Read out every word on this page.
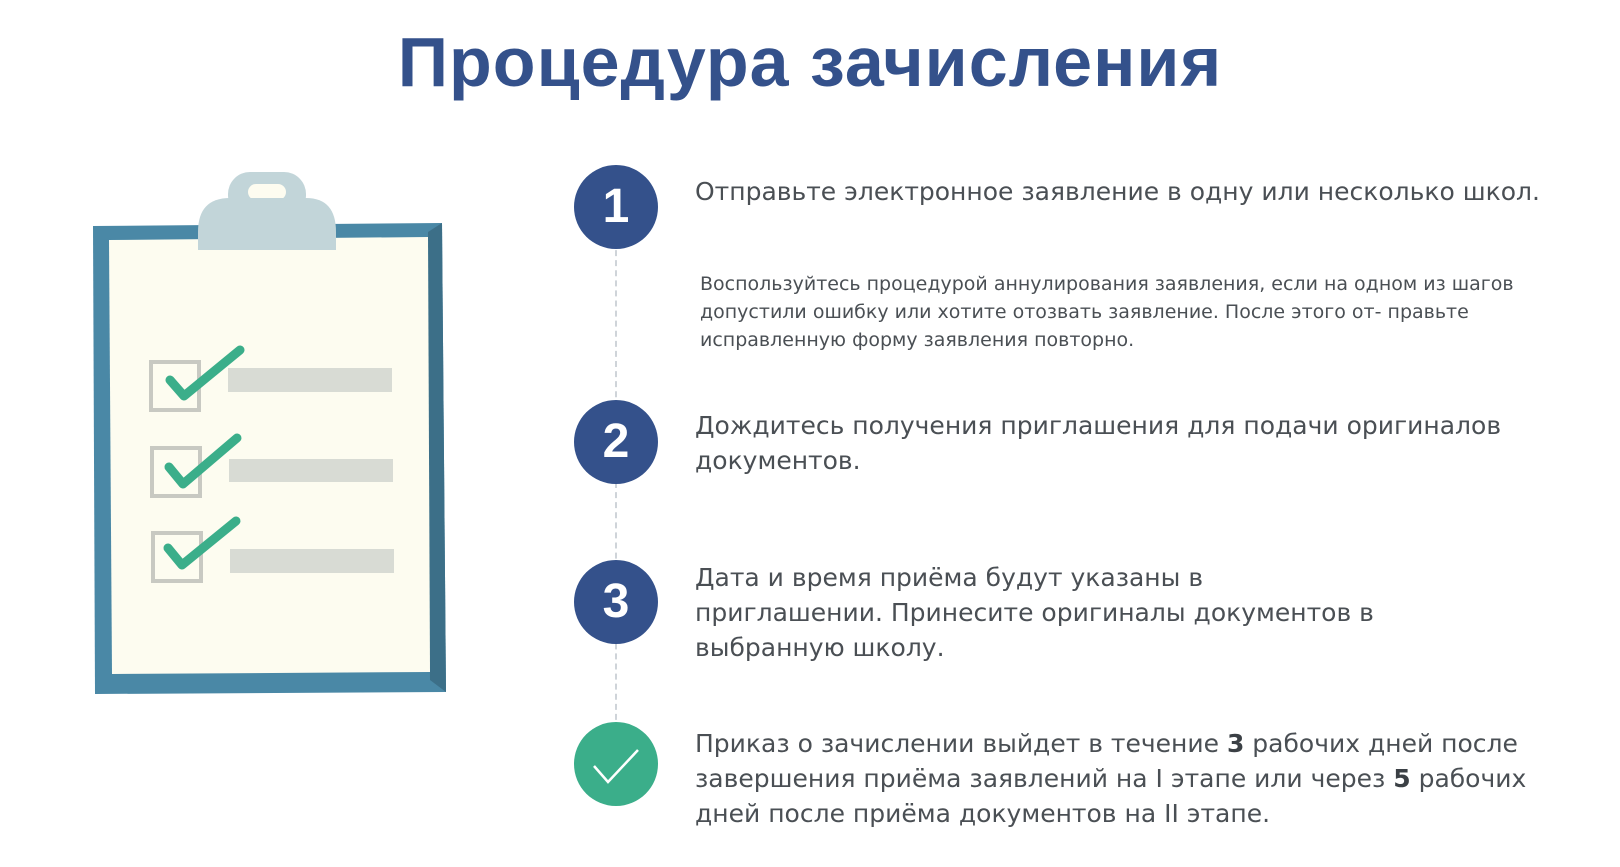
Процедура зачисления
1	Отправьте электронное заявление в одну или несколько школ.

Воспользуйтесь процедурой аннулирования заявления, если на одном из шагов допустили ошибку или хотите отозвать заявление. После этого от- правьте исправленную форму заявления повторно.

2	Дождитесь получения приглашения для подачи оригиналов документов.

3	Дата и время приёма будут указаны в приглашении. Принесите оригиналы документов в выбранную школу.

Приказ о зачислении выйдет в течение 3 рабочих дней после завершения приёма заявлений на I этапе или через 5 рабочих дней после приёма документов на II этапе.
